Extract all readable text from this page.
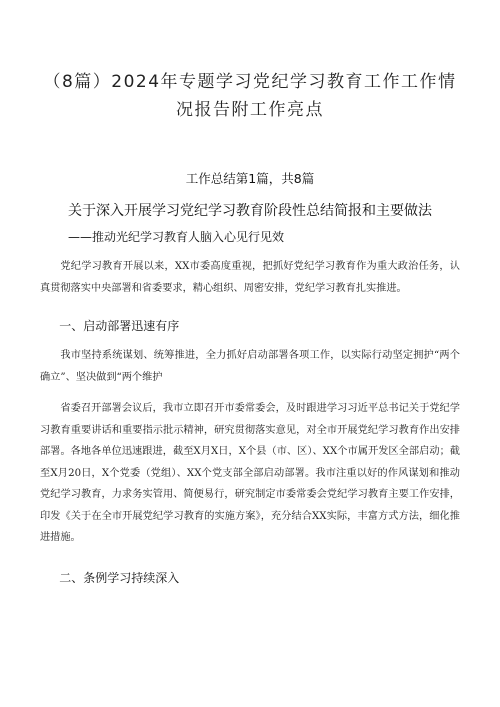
（8篇）2024年专题学习党纪学习教育工作工作情况报告附工作亮点
工作总结第1篇，共8篇
关于深入开展学习党纪学习教育阶段性总结简报和主要做法
——推动光纪学习教育人脑入心见行见效

党纪学习教育开展以来，XX市委高度重视，把抓好党纪学习教育作为重大政治任务，认真贯彻落实中央部署和省委要求，精心组织、周密安排，党纪学习教育扎实推进。

一、启动部署迅速有序

我市坚持系统谋划、统筹推进，全力抓好启动部署各项工作，以实际行动坚定拥护“两个确立”、坚决做到“两个维护

省委召开部署会议后，我市立即召开市委常委会，及时跟进学习习近平总书记关于党纪学习教育重要讲话和重要指示批示精神，研究贯彻落实意见，对全市开展党纪学习教育作出安排部署。各地各单位迅速跟进，截至X月X日，X个县（市、区）、XX个市属开发区全部启动；截至X月20日，X个党委（党组）、XX个党支部全部启动部署。我市注重以好的作风谋划和推动党纪学习教育，力求务实管用、简便易行，研究制定市委常委会党纪学习教育主要工作安排，印发《关于在全市开展党纪学习教育的实施方案》，充分结合XX实际，丰富方式方法，细化推进措施。

二、条例学习持续深入
